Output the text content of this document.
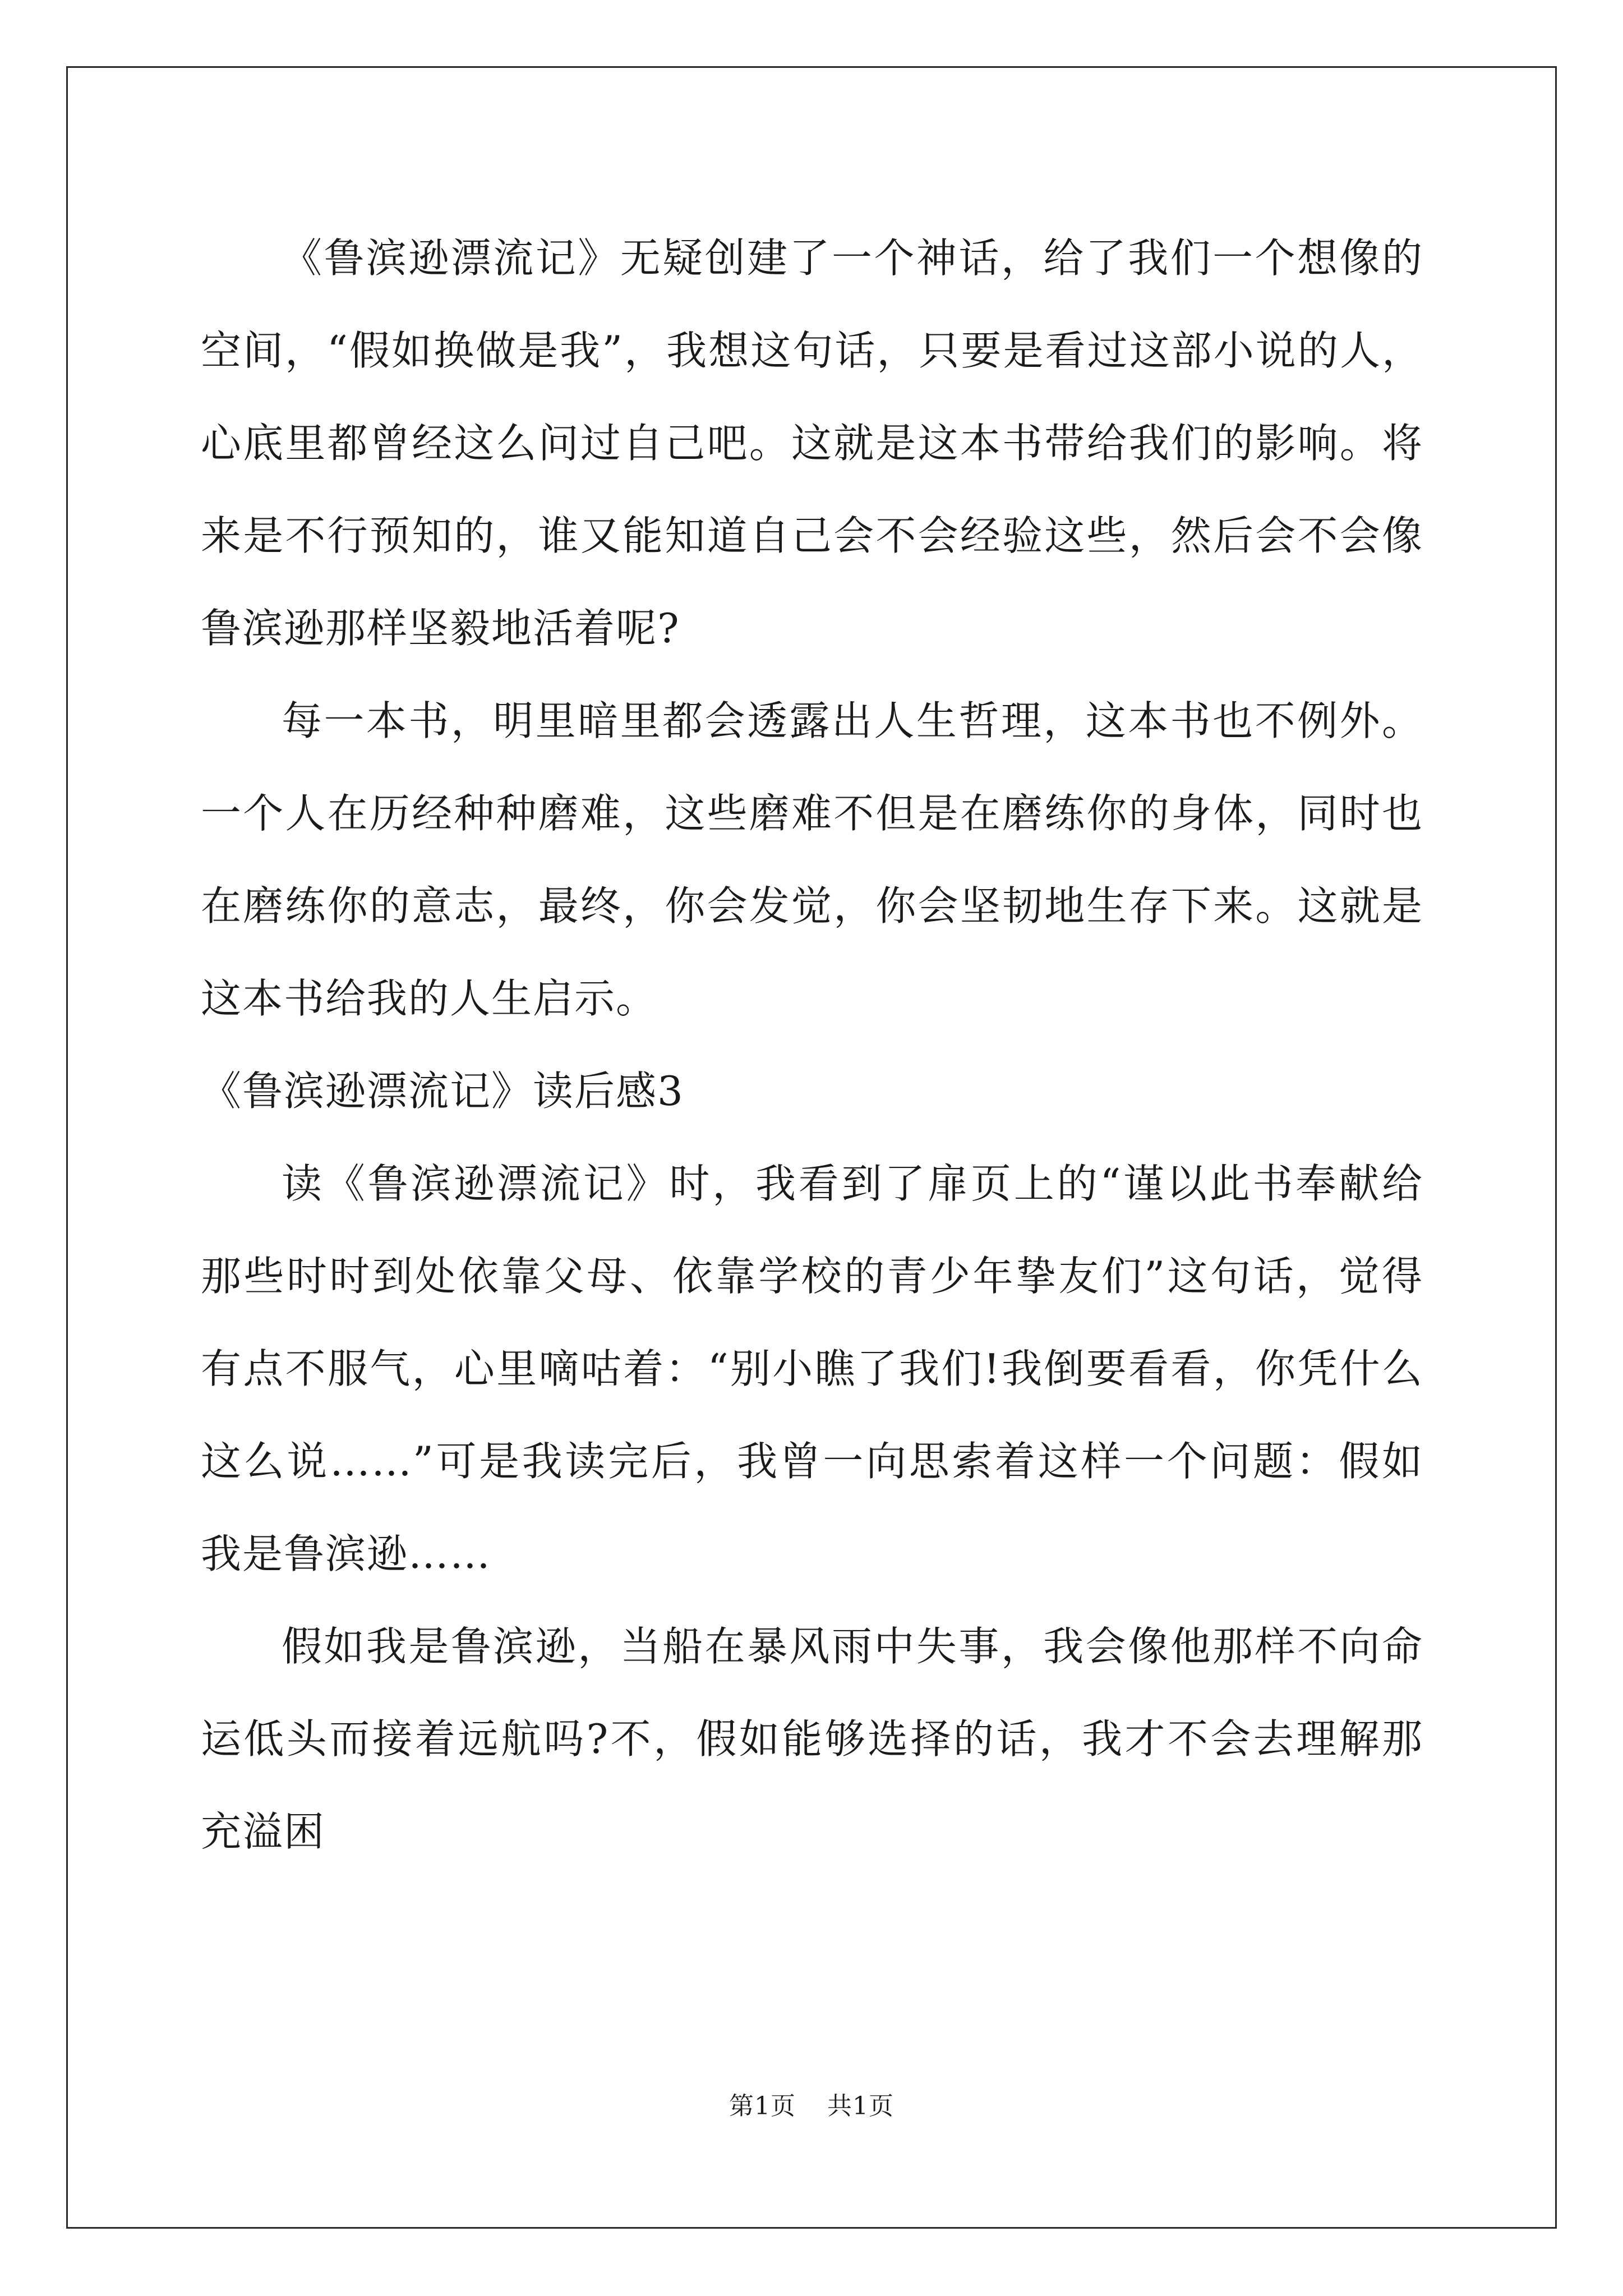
《鲁滨逊漂流记》无疑创建了一个神话，给了我们一个想像的空间，“假如换做是我”，我想这句话，只要是看过这部小说的人，心底里都曾经这么问过自己吧。这就是这本书带给我们的影响。将来是不行预知的，谁又能知道自己会不会经验这些，然后会不会像鲁滨逊那样坚毅地活着呢?

每一本书，明里暗里都会透露出人生哲理，这本书也不例外。一个人在历经种种磨难，这些磨难不但是在磨练你的身体，同时也在磨练你的意志，最终，你会发觉，你会坚韧地生存下来。这就是这本书给我的人生启示。

《鲁滨逊漂流记》读后感3

读《鲁滨逊漂流记》时，我看到了扉页上的“谨以此书奉献给那些时时到处依靠父母、依靠学校的青少年挚友们”这句话，觉得有点不服气，心里嘀咕着：“别小瞧了我们!我倒要看看，你凭什么这么说……”可是我读完后，我曾一向思索着这样一个问题：假如我是鲁滨逊……

假如我是鲁滨逊，当船在暴风雨中失事，我会像他那样不向命运低头而接着远航吗?不，假如能够选择的话，我才不会去理解那充溢困

第1页 共1页
